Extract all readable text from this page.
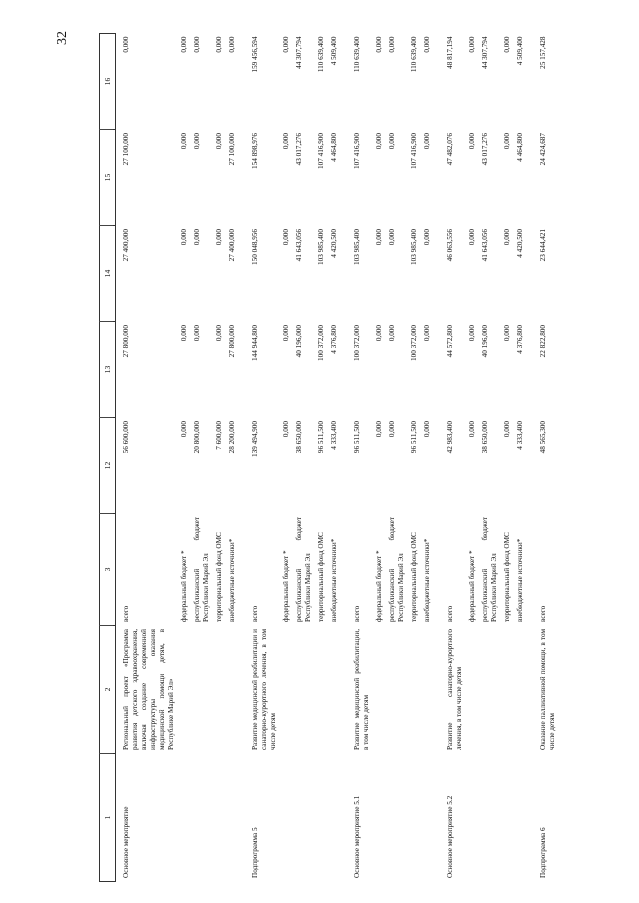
32
1	2	3	12	13	14	15	16
Основное мероприятие	Региональный проект «Программа развития детского здравоохранения, включая создание современной инфраструктуры оказания медицинской помощи детям, в Республике Марий Эл»	всего	56 600,000	27 800,000	27 400,000	27 100,000	0,000
		федеральный бюджет *	0,000	0,000	0,000	0,000	0,000
		республиканский бюджет Республики Марий Эл	20 800,000	0,000	0,000	0,000	0,000
		территориальный фонд ОМС	7 600,000	0,000	0,000	0,000	0,000
		внебюджетные источники*	28 200,000	27 800,000	27 400,000	27 100,000	0,000
Подпрограмма 5	Развитие медицинской реабилитации и санаторно-курортного лечения, в том числе детям	всего	139 494,900	144 944,800	150 048,956	154 898,976	159 456,594
		федеральный бюджет *	0,000	0,000	0,000	0,000	0,000
		республиканский бюджет Республики Марий Эл	38 650,000	40 196,000	41 643,056	43 017,276	44 307,794
		территориальный фонд ОМС	96 511,500	100 372,000	103 985,400	107 416,900	110 639,400
		внебюджетные источники*	4 333,400	4 376,800	4 420,500	4 464,800	4 509,400
Основное мероприятие 5.1	Развитие медицинской реабилитации, в том числе детям	всего	96 511,500	100 372,000	103 985,400	107 416,900	110 639,400
		федеральный бюджет *	0,000	0,000	0,000	0,000	0,000
		республиканский бюджет Республики Марий Эл	0,000	0,000	0,000	0,000	0,000
		территориальный фонд ОМС	96 511,500	100 372,000	103 985,400	107 416,900	110 639,400
		внебюджетные источники*	0,000	0,000	0,000	0,000	0,000
Основное мероприятие 5.2	Развитие санаторно-курортного лечения, в том числе детям	всего	42 983,400	44 572,800	46 063,556	47 482,076	48 817,194
		федеральный бюджет *	0,000	0,000	0,000	0,000	0,000
		республиканский бюджет Республики Марий Эл	38 650,000	40 196,000	41 643,056	43 017,276	44 307,794
		территориальный фонд ОМС	0,000	0,000	0,000	0,000	0,000
		внебюджетные источники*	4 333,400	4 376,800	4 420,500	4 464,800	4 509,400
Подпрограмма 6	Оказание паллиативной помощи, в том числе детям	всего	48 565,300	22 822,800	23 644,421	24 424,687	25 157,428
